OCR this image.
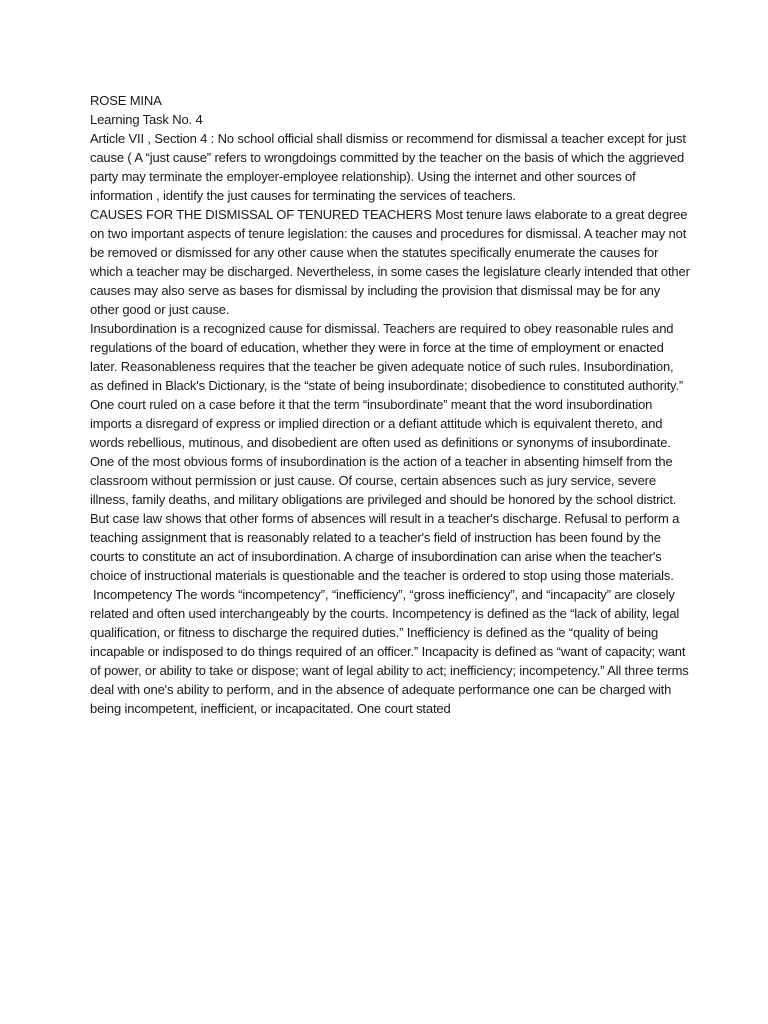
ROSE MINA

Learning Task No. 4

Article VII , Section 4 : No school official shall dismiss or recommend for dismissal a teacher except for just cause ( A “just cause” refers to wrongdoings committed by the teacher on the basis of which the aggrieved party may terminate the employer-employee relationship). Using the internet and other sources of information , identify the just causes for terminating the services of teachers.

CAUSES FOR THE DISMISSAL OF TENURED TEACHERS Most tenure laws elaborate to a great degree on two important aspects of tenure legislation: the causes and procedures for dismissal. A teacher may not be removed or dismissed for any other cause when the statutes specifically enumerate the causes for which a teacher may be discharged. Nevertheless, in some cases the legislature clearly intended that other causes may also serve as bases for dismissal by including the provision that dismissal may be for any other good or just cause.

Insubordination is a recognized cause for dismissal. Teachers are required to obey reasonable rules and regulations of the board of education, whether they were in force at the time of employment or enacted later. Reasonableness requires that the teacher be given adequate notice of such rules. Insubordination, as defined in Black's Dictionary, is the “state of being insubordinate; disobedience to constituted authority.” One court ruled on a case before it that the term “insubordinate” meant that the word insubordination imports a disregard of express or implied direction or a defiant attitude which is equivalent thereto, and words rebellious, mutinous, and disobedient are often used as definitions or synonyms of insubordinate. One of the most obvious forms of insubordination is the action of a teacher in absenting himself from the classroom without permission or just cause. Of course, certain absences such as jury service, severe illness, family deaths, and military obligations are privileged and should be honored by the school district. But case law shows that other forms of absences will result in a teacher's discharge. Refusal to perform a teaching assignment that is reasonably related to a teacher's field of instruction has been found by the courts to constitute an act of insubordination. A charge of insubordination can arise when the teacher's choice of instructional materials is questionable and the teacher is ordered to stop using those materials.

Incompetency The words “incompetency”, “inefficiency”, “gross inefficiency”, and “incapacity” are closely related and often used interchangeably by the courts. Incompetency is defined as the “lack of ability, legal qualification, or fitness to discharge the required duties.” Inefficiency is defined as the “quality of being incapable or indisposed to do things required of an officer.” Incapacity is defined as “want of capacity; want of power, or ability to take or dispose; want of legal ability to act; inefficiency; incompetency.” All three terms deal with one's ability to perform, and in the absence of adequate performance one can be charged with being incompetent, inefficient, or incapacitated. One court stated
